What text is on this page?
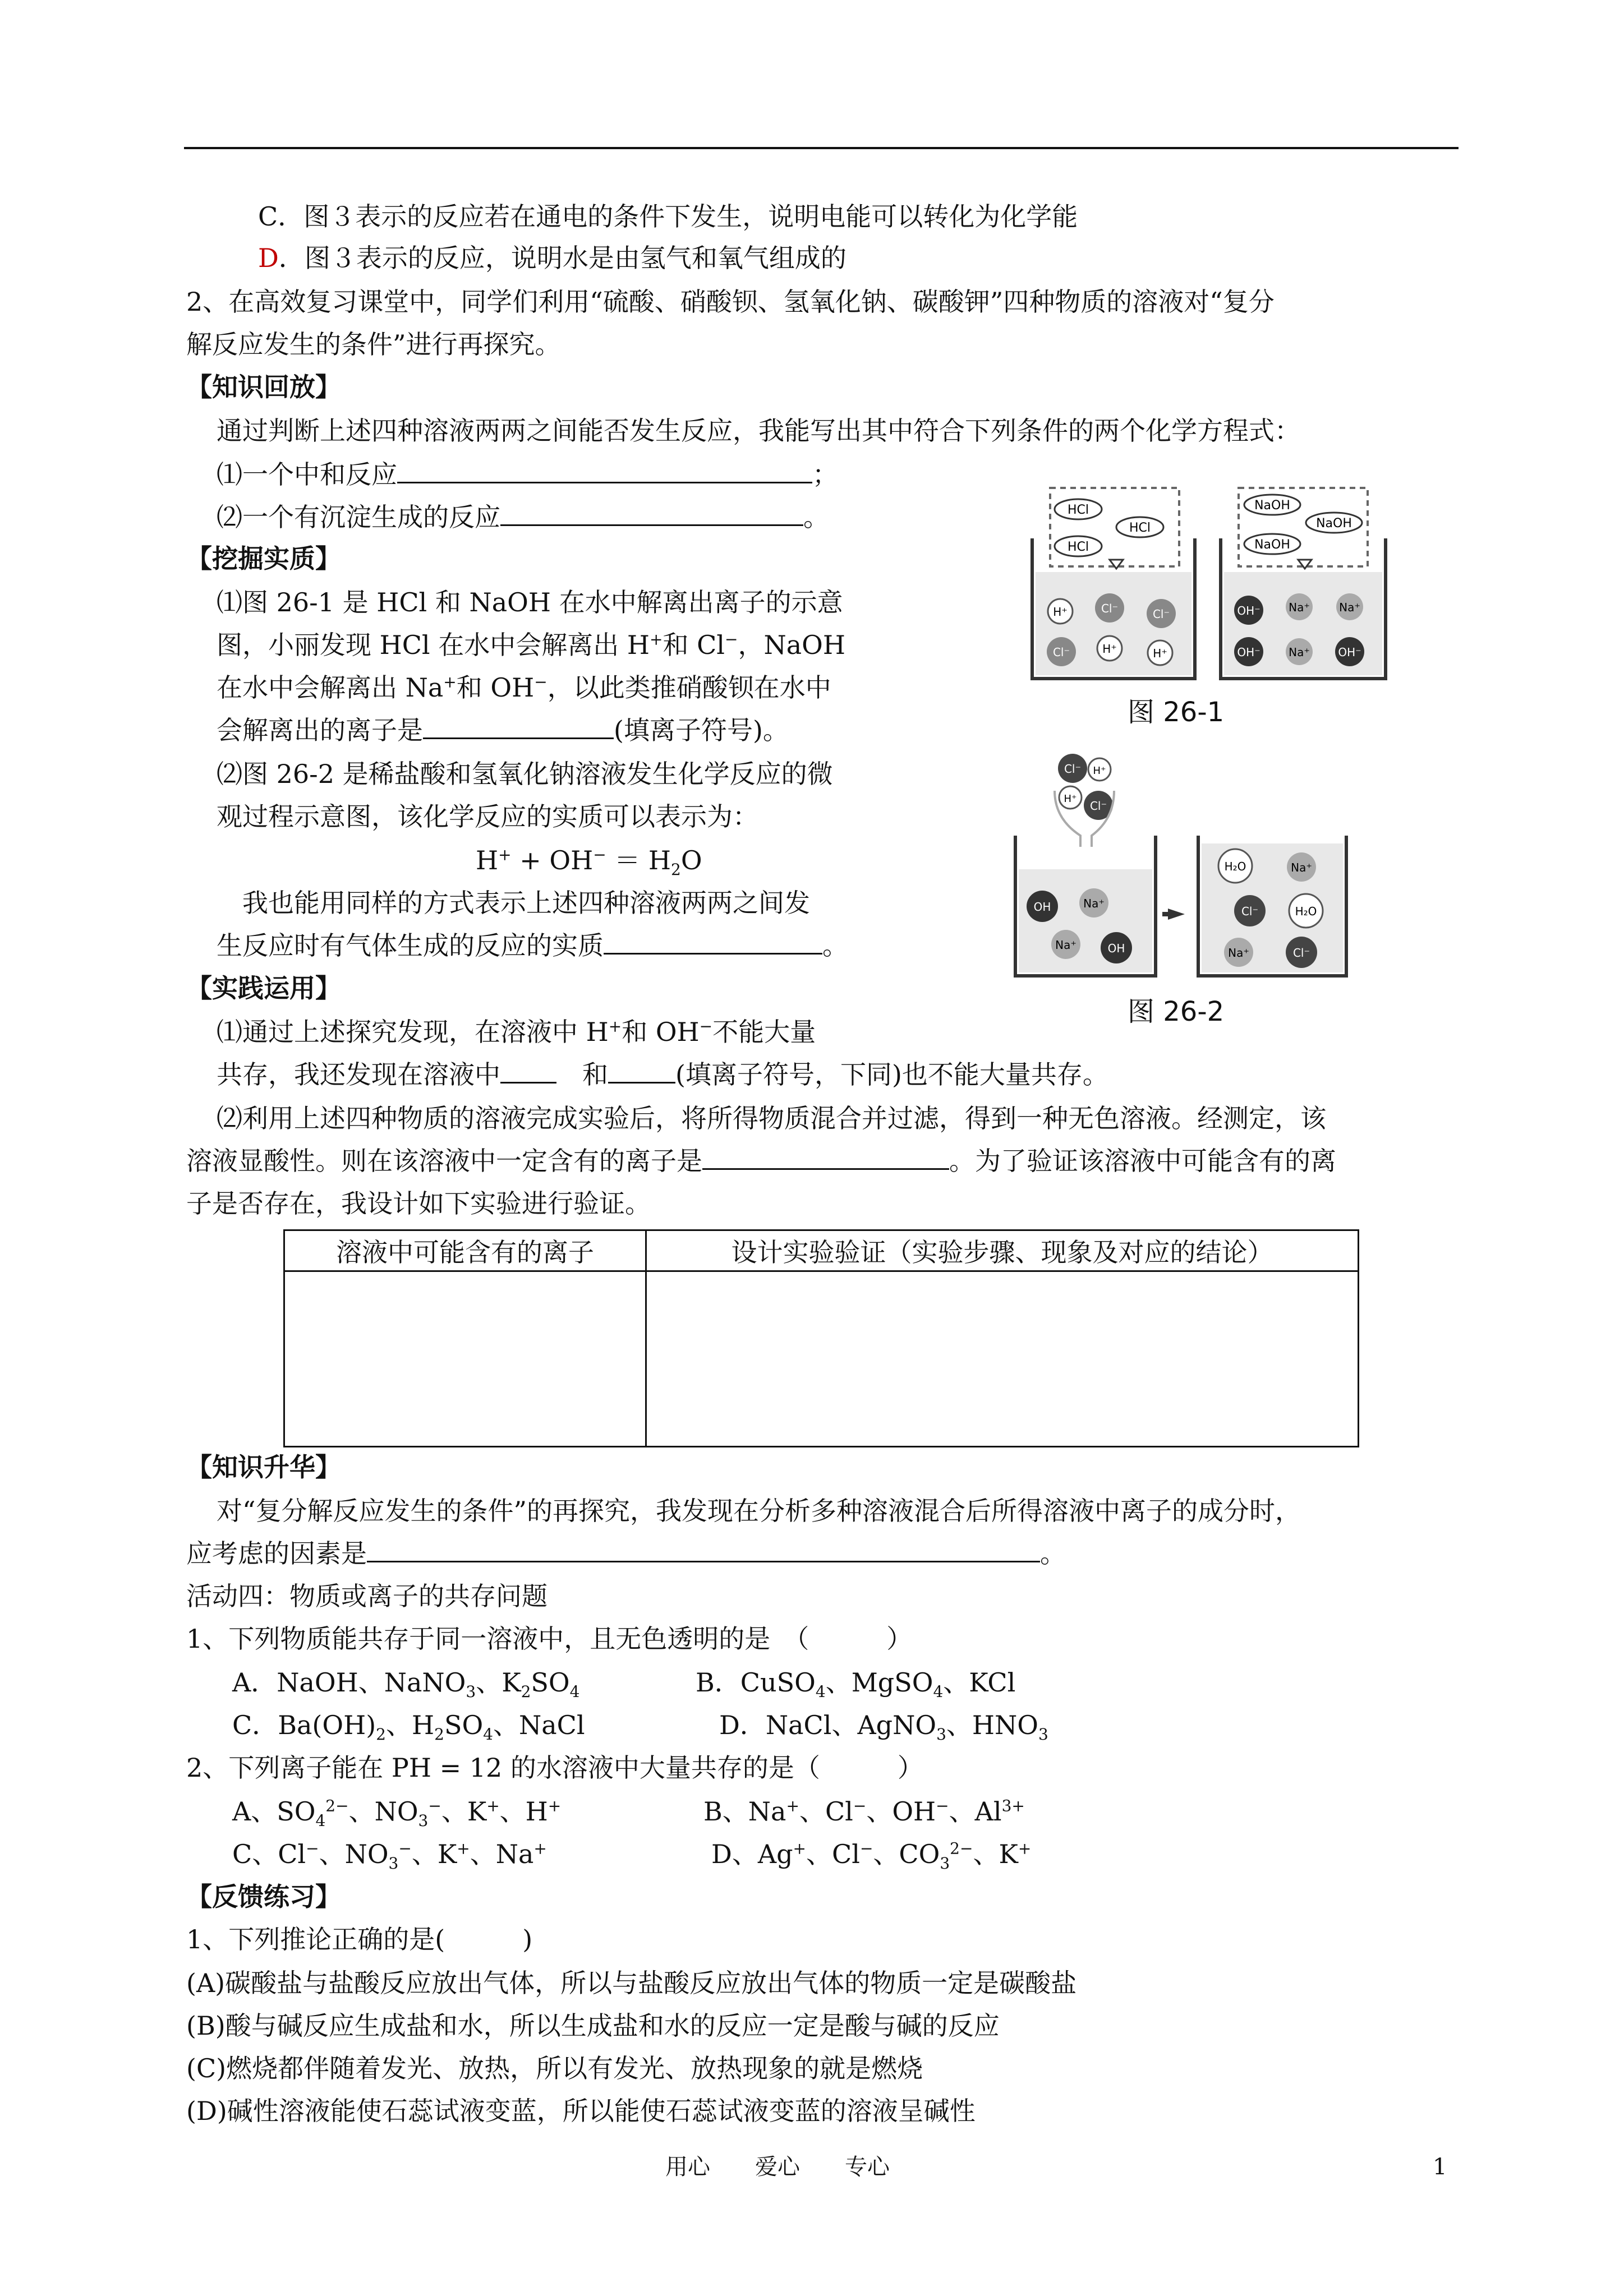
C．图３表示的反应若在通电的条件下发生，说明电能可以转化为化学能
D．图３表示的反应，说明水是由氢气和氧气组成的
2、在高效复习课堂中，同学们利用“硫酸、硝酸钡、氢氧化钠、碳酸钾”四种物质的溶液对“复分
解反应发生的条件”进行再探究。
【知识回放】
通过判断上述四种溶液两两之间能否发生反应，我能写出其中符合下列条件的两个化学方程式：
⑴一个中和反应	；
⑵一个有沉淀生成的反应	。
【挖掘实质】
⑴图 26-1 是 HCl 和 NaOH 在水中解离出离子的示意
图，小丽发现 HCl 在水中会解离出 H+和 Cl−，NaOH
在水中会解离出 Na+和 OH−，以此类推硝酸钡在水中
会解离出的离子是	(填离子符号)。
⑵图 26-2 是稀盐酸和氢氧化钠溶液发生化学反应的微
观过程示意图，该化学反应的实质可以表示为：
$H^+ + OH^- = H_2O$
我也能用同样的方式表示上述四种溶液两两之间发
生反应时有气体生成的反应的实质	。
【实践运用】
⑴通过上述探究发现，在溶液中 H+和 OH−不能大量
共存，我还发现在溶液中　	和	(填离子符号，下同)也不能大量共存。
⑵利用上述四种物质的溶液完成实验后，将所得物质混合并过滤，得到一种无色溶液。经测定，该
溶液显酸性。则在该溶液中一定含有的离子是	。为了验证该溶液中可能含有的离
子是否存在，我设计如下实验进行验证。
溶液中可能含有的离子	设计实验验证（实验步骤、现象及对应的结论）

【知识升华】
对“复分解反应发生的条件”的再探究，我发现在分析多种溶液混合后所得溶液中离子的成分时，
应考虑的因素是	。
活动四：物质或离子的共存问题
1、下列物质能共存于同一溶液中，且无色透明的是　（　　　）
A．NaOH、NaNO$_3$、$K_2SO_4$	B．CuSO$_4$、MgSO$_4$、KCl
C．$Ba(OH)_2$、$H_2SO_4$、NaCl	D．NaCl、AgNO$_3$、$HNO_3$
2、下列离子能在 PH = 12 的水溶液中大量共存的是（　　　）
A、$SO_4^{2-}$、$NO_3^-$、K+、H+	B、Na+、Cl−、OH−、$Al^{3+}$
C、Cl−、$NO_3^-$、K+、Na+	D、Ag+、Cl−、$CO_3^{2-}$、K+
【反馈练习】
1、下列推论正确的是(　　　)
(A)碳酸盐与盐酸反应放出气体，所以与盐酸反应放出气体的物质一定是碳酸盐
(B)酸与碱反应生成盐和水，所以生成盐和水的反应一定是酸与碱的反应
(C)燃烧都伴随着发光、放热，所以有发光、放热现象的就是燃烧
(D)碱性溶液能使石蕊试液变蓝，所以能使石蕊试液变蓝的溶液呈碱性
HCl
HCl
HCl
H⁺	Cl⁻	Cl⁻
Cl⁻	H⁺	H⁺
NaOH
NaOH
NaOH
OH⁻	Na⁺	Na⁺
OH⁻	Na⁺	OH⁻
图 26-1
Cl⁻ H⁺
H⁺
Cl⁻
OH	Na⁺
Na⁺	OH
H₂O	Na⁺
Cl⁻	H₂O
Na⁺	Cl⁻
图 26-2
用心　　爱心　　专心	1
